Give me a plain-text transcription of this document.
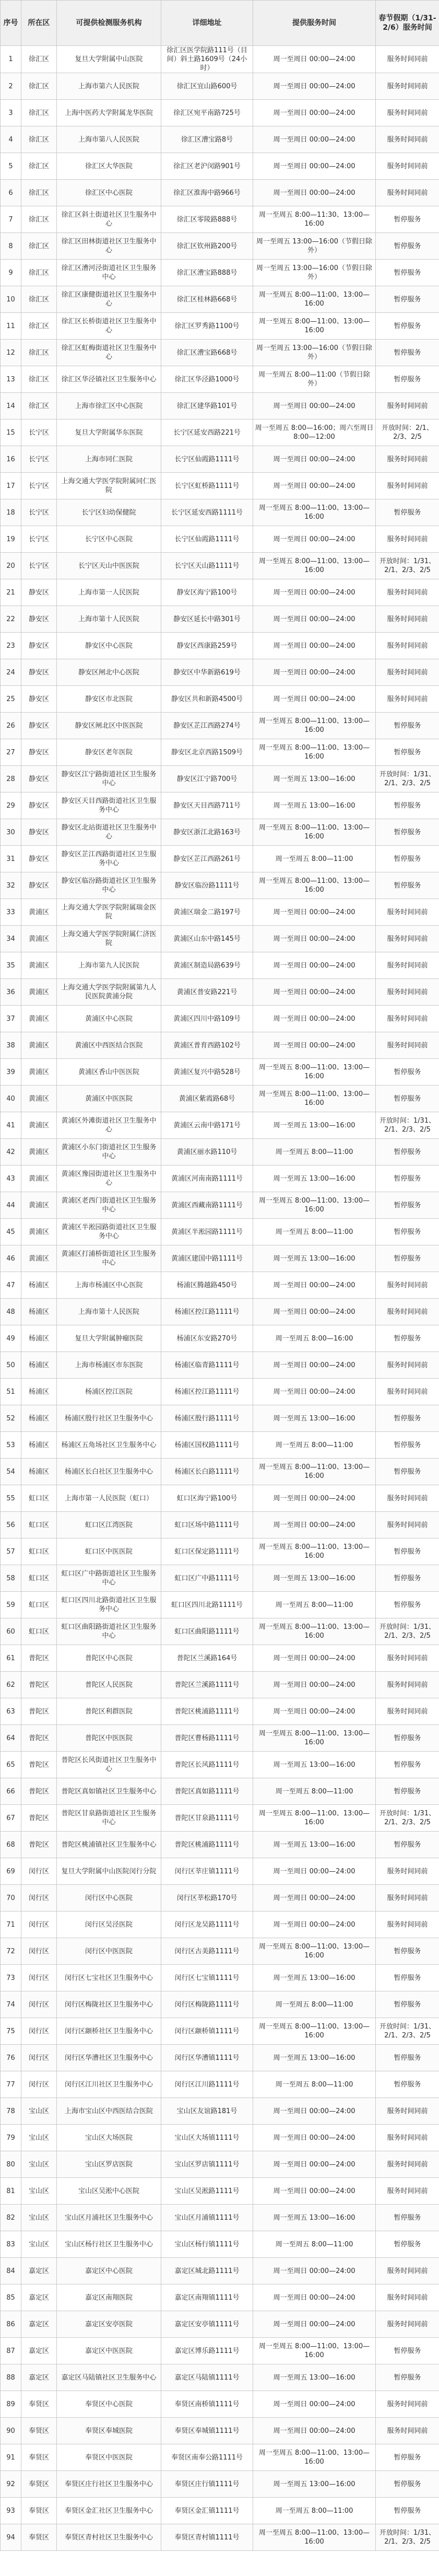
序号	所在区	可提供检测服务机构	详细地址	提供服务时间	春节假期（1/31-2/6）服务时间
1	徐汇区	复旦大学附属中山医院	徐汇区医学院路111号（目间）斜土路1609号（24小时）	周一至周日 00:00—24:00	服务时间同前
2	徐汇区	上海市第六人民医院	徐汇区宜山路600号	周一至周日 00:00—24:00	服务时间同前
3	徐汇区	上海中医药大学附属龙华医院	徐汇区宛平南路725号	周一至周日 00:00—24:00	服务时间同前
4	徐汇区	上海市第八人民医院	徐汇区漕宝路8号	周一至周日 00:00—24:00	服务时间同前
5	徐汇区	徐汇区大华医院	徐汇区老沪闵路901号	周一至周日 00:00—24:00	服务时间同前
6	徐汇区	徐汇区中心医院	徐汇区淮海中路966号	周一至周日 00:00—24:00	服务时间同前
7	徐汇区	徐汇区斜土街道社区卫生服务中心	徐汇区零陵路888号	周一至周五 8:00—11:30、13:00—16:00	暂停服务
8	徐汇区	徐汇区田林街道社区卫生服务中心	徐汇区钦州路200号	周一至周五 13:00—16:00（节假日除外）	暂停服务
9	徐汇区	徐汇区漕河泾街道社区卫生服务中心	徐汇区漕宝路888号	周一至周五 13:00—16:00（节假日除外）	暂停服务
10	徐汇区	徐汇区康健街道社区卫生服务中心	徐汇区桂林路668号	周一至周五 8:00—11:00、13:00—16:00	暂停服务
11	徐汇区	徐汇区长桥街道社区卫生服务中心	徐汇区罗秀路1100号	周一至周五 8:00—11:00、13:00—16:00	暂停服务
12	徐汇区	徐汇区虹梅街道社区卫生服务中心	徐汇区漕宝路668号	周一至周五 13:00—16:00（节假日除外）	暂停服务
13	徐汇区	徐汇区华泾镇社区卫生服务中心	徐汇区华泾路1000号	周一至周五 8:00—11:00（节假日除外）	暂停服务
14	徐汇区	上海市徐汇区中心医院	徐汇区建华路101号	周一至周日 00:00—24:00	服务时间同前
15	长宁区	复旦大学附属华东医院	长宁区延安西路221号	周一至周五 8:00—16:00；周六至周日 8:00—12:00	开放时间：2/1、2/3、2/5
16	长宁区	上海市同仁医院	长宁区仙霞路1111号	周一至周日 00:00—24:00	服务时间同前
17	长宁区	上海交通大学医学院附属同仁医院	长宁区虹桥路1111号	周一至周日 00:00—24:00	服务时间同前
18	长宁区	长宁区妇幼保健院	长宁区延安西路1111号	周一至周五 8:00—11:00、13:00—16:00	暂停服务
19	长宁区	长宁区中心医院	长宁区仙霞路1111号	周一至周日 00:00—24:00	服务时间同前
20	长宁区	长宁区天山中医医院	长宁区天山路1111号	周一至周五 8:00—11:00、13:00—16:00	开放时间：1/31、2/1、2/3、2/5
21	静安区	上海市第一人民医院	静安区海宁路100号	周一至周日 00:00—24:00	服务时间同前
22	静安区	上海市第十人民医院	静安区延长中路301号	周一至周日 00:00—24:00	服务时间同前
23	静安区	静安区中心医院	静安区西康路259号	周一至周日 00:00—24:00	服务时间同前
24	静安区	静安区闸北中心医院	静安区中华新路619号	周一至周日 00:00—24:00	服务时间同前
25	静安区	静安区市北医院	静安区共和新路4500号	周一至周日 00:00—24:00	服务时间同前
26	静安区	静安区闸北区中医医院	静安区芷江西路274号	周一至周五 8:00—11:00、13:00—16:00	暂停服务
27	静安区	静安区老年医院	静安区北京西路1509号	周一至周五 8:00—11:00、13:00—16:00	暂停服务
28	静安区	静安区江宁路街道社区卫生服务中心	静安区江宁路700号	周一至周五 13:00—16:00	开放时间：1/31、2/1、2/3、2/5
29	静安区	静安区天目西路街道社区卫生服务中心	静安区天目西路711号	周一至周五 13:00—16:00	暂停服务
30	静安区	静安区北站街道社区卫生服务中心	静安区浙江北路163号	周一至周五 8:00—11:00、13:00—16:00	暂停服务
31	静安区	静安区芷江西路街道社区卫生服务中心	静安区芷江西路261号	周一至周五 8:00—11:00	暂停服务
32	静安区	静安区临汾路街道社区卫生服务中心	静安区临汾路1111号	周一至周五 8:00—11:00、13:00—16:00	暂停服务
33	黄浦区	上海交通大学医学院附属瑞金医院	黄浦区瑞金二路197号	周一至周日 00:00—24:00	服务时间同前
34	黄浦区	上海交通大学医学院附属仁济医院	黄浦区山东中路145号	周一至周日 00:00—24:00	服务时间同前
35	黄浦区	上海市第九人民医院	黄浦区制造局路639号	周一至周日 00:00—24:00	服务时间同前
36	黄浦区	上海交通大学医学院附属第九人民医院黄浦分院	黄浦区普安路221号	周一至周日 00:00—24:00	服务时间同前
37	黄浦区	黄浦区中心医院	黄浦区四川中路109号	周一至周日 00:00—24:00	服务时间同前
38	黄浦区	黄浦区中西医结合医院	黄浦区普育西路102号	周一至周日 00:00—24:00	服务时间同前
39	黄浦区	黄浦区香山中医医院	黄浦区复兴中路528号	周一至周五 8:00—11:00、13:00—16:00	暂停服务
40	黄浦区	黄浦区中医医院	黄浦区紫霞路68号	周一至周五 8:00—11:00、13:00—16:00	暂停服务
41	黄浦区	黄浦区外滩街道社区卫生服务中心	黄浦区云南中路171号	周一至周五 13:00—16:00	开放时间：1/31、2/1、2/3、2/5
42	黄浦区	黄浦区小东门街道社区卫生服务中心	黄浦区丽水路110号	周一至周五 8:00—11:00	暂停服务
43	黄浦区	黄浦区豫园街道社区卫生服务中心	黄浦区河南南路1111号	周一至周五 13:00—16:00	暂停服务
44	黄浦区	黄浦区老西门街道社区卫生服务中心	黄浦区西藏南路1111号	周一至周五 8:00—11:00、13:00—16:00	暂停服务
45	黄浦区	黄浦区半淞园路街道社区卫生服务中心	黄浦区半淞园路1111号	周一至周五 8:00—11:00	暂停服务
46	黄浦区	黄浦区打浦桥街道社区卫生服务中心	黄浦区建国中路1111号	周一至周五 13:00—16:00	暂停服务
47	杨浦区	上海市杨浦区中心医院	杨浦区腾越路450号	周一至周日 00:00—24:00	服务时间同前
48	杨浦区	上海市第十人民医院	杨浦区控江路1111号	周一至周日 00:00—24:00	服务时间同前
49	杨浦区	复旦大学附属肿瘤医院	杨浦区东安路270号	周一至周五 8:00—16:00	暂停服务
50	杨浦区	上海市杨浦区市东医院	杨浦区临青路1111号	周一至周日 00:00—24:00	服务时间同前
51	杨浦区	杨浦区控江医院	杨浦区控江路1111号	周一至周日 00:00—24:00	服务时间同前
52	杨浦区	杨浦区殷行社区卫生服务中心	杨浦区殷行路1111号	周一至周五 13:00—16:00	暂停服务
53	杨浦区	杨浦区五角场社区卫生服务中心	杨浦区国权路1111号	周一至周五 8:00—11:00	暂停服务
54	杨浦区	杨浦区长白社区卫生服务中心	杨浦区长白路1111号	周一至周五 8:00—11:00、13:00—16:00	暂停服务
55	虹口区	上海市第一人民医院（虹口）	虹口区海宁路100号	周一至周日 00:00—24:00	服务时间同前
56	虹口区	虹口区江湾医院	虹口区场中路1111号	周一至周日 00:00—24:00	服务时间同前
57	虹口区	虹口区中医医院	虹口区保定路1111号	周一至周五 8:00—11:00、13:00—16:00	暂停服务
58	虹口区	虹口区广中路街道社区卫生服务中心	虹口区广中路1111号	周一至周五 13:00—16:00	暂停服务
59	虹口区	虹口区四川北路街道社区卫生服务中心	虹口区四川北路1111号	周一至周五 8:00—11:00	暂停服务
60	虹口区	虹口区曲阳路街道社区卫生服务中心	虹口区曲阳路1111号	周一至周五 8:00—11:00、13:00—16:00	开放时间：1/31、2/1、2/3、2/5
61	普陀区	普陀区中心医院	普陀区兰溪路164号	周一至周日 00:00—24:00	服务时间同前
62	普陀区	普陀区人民医院	普陀区兰溪路1111号	周一至周日 00:00—24:00	服务时间同前
63	普陀区	普陀区利群医院	普陀区桃浦路1111号	周一至周日 00:00—24:00	服务时间同前
64	普陀区	普陀区中医医院	普陀区曹杨路1111号	周一至周五 8:00—11:00、13:00—16:00	暂停服务
65	普陀区	普陀区长风街道社区卫生服务中心	普陀区长风路1111号	周一至周五 13:00—16:00	暂停服务
66	普陀区	普陀区真如镇社区卫生服务中心	普陀区真如路1111号	周一至周五 8:00—11:00	暂停服务
67	普陀区	普陀区甘泉路街道社区卫生服务中心	普陀区甘泉路1111号	周一至周五 8:00—11:00、13:00—16:00	开放时间：1/31、2/1、2/3、2/5
68	普陀区	普陀区桃浦镇社区卫生服务中心	普陀区桃浦路1111号	周一至周五 13:00—16:00	暂停服务
69	闵行区	复旦大学附属中山医院闵行分院	闵行区莘庄镇1111号	周一至周日 00:00—24:00	服务时间同前
70	闵行区	闵行区中心医院	闵行区莘松路170号	周一至周日 00:00—24:00	服务时间同前
71	闵行区	闵行区吴泾医院	闵行区龙吴路1111号	周一至周日 00:00—24:00	服务时间同前
72	闵行区	闵行区中医医院	闵行区古美路1111号	周一至周五 8:00—11:00、13:00—16:00	暂停服务
73	闵行区	闵行区七宝社区卫生服务中心	闵行区七宝镇1111号	周一至周五 13:00—16:00	暂停服务
74	闵行区	闵行区梅陇社区卫生服务中心	闵行区梅陇路1111号	周一至周五 8:00—11:00	暂停服务
75	闵行区	闵行区颛桥社区卫生服务中心	闵行区颛桥镇1111号	周一至周五 8:00—11:00、13:00—16:00	开放时间：1/31、2/1、2/3、2/5
76	闵行区	闵行区华漕社区卫生服务中心	闵行区华漕镇1111号	周一至周五 13:00—16:00	暂停服务
77	闵行区	闵行区江川社区卫生服务中心	闵行区江川路1111号	周一至周五 8:00—11:00	暂停服务
78	宝山区	上海市宝山区中西医结合医院	宝山区友谊路181号	周一至周日 00:00—24:00	服务时间同前
79	宝山区	宝山区大场医院	宝山区大场镇1111号	周一至周日 00:00—24:00	服务时间同前
80	宝山区	宝山区罗店医院	宝山区罗店镇1111号	周一至周日 00:00—24:00	服务时间同前
81	宝山区	宝山区吴淞中心医院	宝山区吴淞路1111号	周一至周日 00:00—24:00	服务时间同前
82	宝山区	宝山区月浦社区卫生服务中心	宝山区月浦镇1111号	周一至周五 13:00—16:00	暂停服务
83	宝山区	宝山区杨行社区卫生服务中心	宝山区杨行镇1111号	周一至周五 8:00—11:00	暂停服务
84	嘉定区	嘉定区中心医院	嘉定区城北路1111号	周一至周日 00:00—24:00	服务时间同前
85	嘉定区	嘉定区南翔医院	嘉定区南翔镇1111号	周一至周日 00:00—24:00	服务时间同前
86	嘉定区	嘉定区安亭医院	嘉定区安亭镇1111号	周一至周日 00:00—24:00	服务时间同前
87	嘉定区	嘉定区中医医院	嘉定区博乐路1111号	周一至周五 8:00—11:00、13:00—16:00	暂停服务
88	嘉定区	嘉定区马陆镇社区卫生服务中心	嘉定区马陆镇1111号	周一至周五 13:00—16:00	暂停服务
89	奉贤区	奉贤区中心医院	奉贤区南桥镇1111号	周一至周日 00:00—24:00	服务时间同前
90	奉贤区	奉贤区奉城医院	奉贤区奉城镇1111号	周一至周日 00:00—24:00	服务时间同前
91	奉贤区	奉贤区中医医院	奉贤区南奉公路1111号	周一至周五 8:00—11:00、13:00—16:00	暂停服务
92	奉贤区	奉贤区庄行社区卫生服务中心	奉贤区庄行镇1111号	周一至周五 13:00—16:00	暂停服务
93	奉贤区	奉贤区金汇社区卫生服务中心	奉贤区金汇镇1111号	周一至周五 8:00—11:00	暂停服务
94	奉贤区	奉贤区青村社区卫生服务中心	奉贤区青村镇1111号	周一至周五 8:00—11:00、13:00—16:00	开放时间：1/31、2/1、2/3、2/5
